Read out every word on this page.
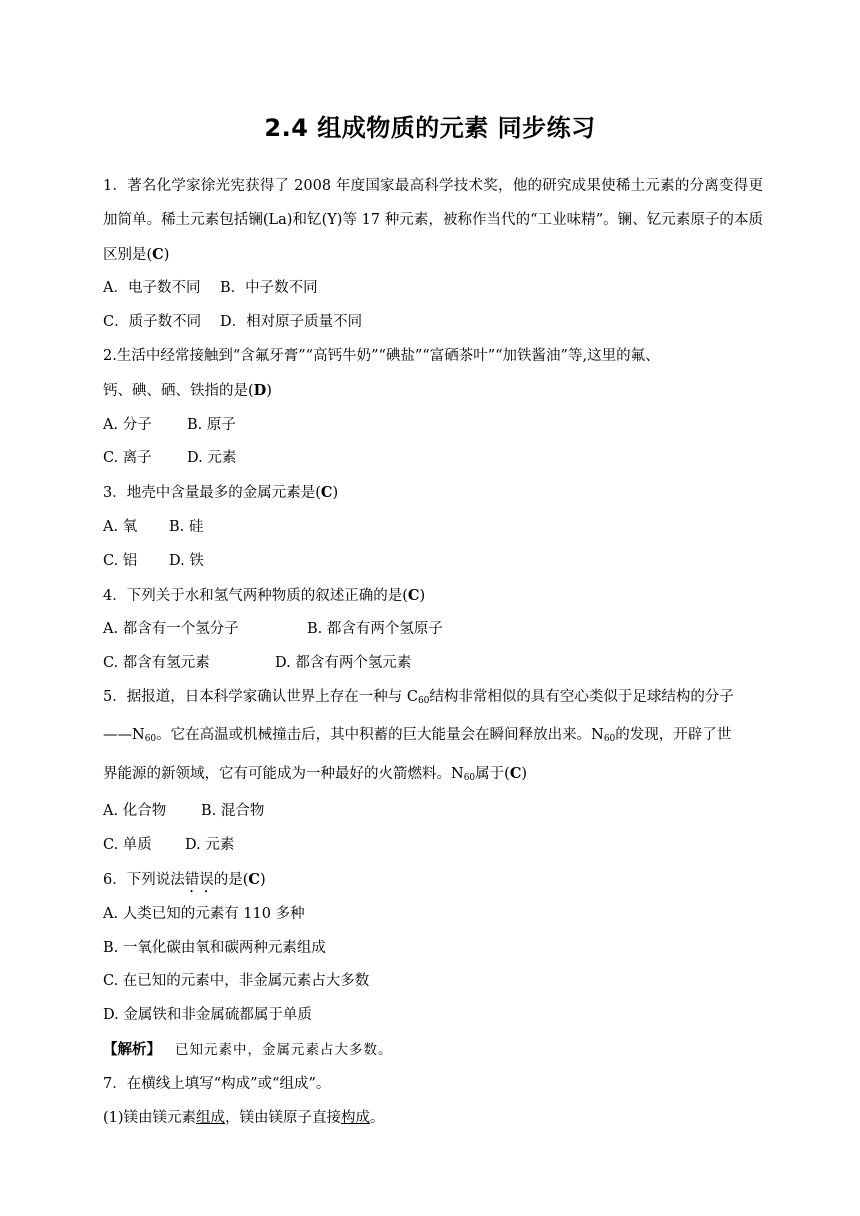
2.4 组成物质的元素 同步练习

1．著名化学家徐光宪获得了 2008 年度国家最高科学技术奖，他的研究成果使稀土元素的分离变得更加简单。稀土元素包括镧(La)和钇(Y)等 17 种元素，被称作当代的“工业味精”。镧、钇元素原子的本质区别是(C)

A．电子数不同 B．中子数不同

C．质子数不同 D．相对原子质量不同

2.生活中经常接触到“含氟牙膏”“高钙牛奶”“碘盐”“富硒茶叶”“加铁酱油”等,这里的氟、

钙、碘、硒、铁指的是(D)

A. 分子 B. 原子

C. 离子 D. 元素

3．地壳中含量最多的金属元素是(C)

A. 氧 B. 硅

C. 铝 D. 铁

4．下列关于水和氢气两种物质的叙述正确的是(C)

A. 都含有一个氢分子	B. 都含有两个氢原子

C. 都含有氢元素	D. 都含有两个氢元素

5．据报道，日本科学家确认世界上存在一种与 $C_{60}$结构非常相似的具有空心类似于足球结构的分子

$——N_{60}$。它在高温或机械撞击后，其中积蓄的巨大能量会在瞬间释放出来。$N_{60}$的发现，开辟了世

界能源的新领域，它有可能成为一种最好的火箭燃料。$N_{60}$属于(C)

A. 化合物 B. 混合物

C. 单质 D. 元素

6．下列说法错误的是(C)

A. 人类已知的元素有 110 多种

B. 一氧化碳由氧和碳两种元素组成

C. 在已知的元素中，非金属元素占大多数

D. 金属铁和非金属硫都属于单质

【解析】 已知元素中，金属元素占大多数。

7．在横线上填写“构成”或“组成”。

(1)镁由镁元素组成，镁由镁原子直接构成。
